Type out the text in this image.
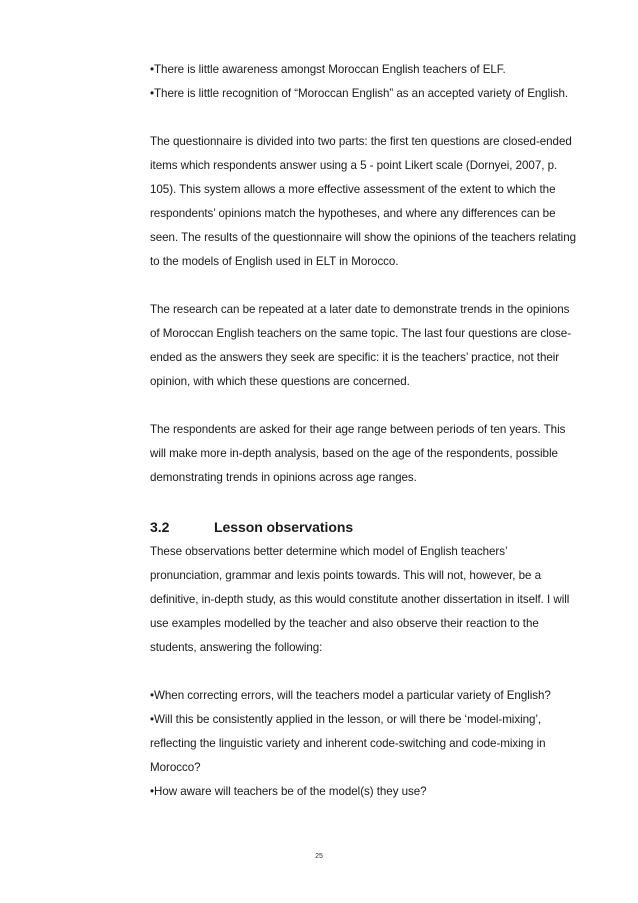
•There is little awareness amongst Moroccan English teachers of ELF.

•There is little recognition of “Moroccan English” as an accepted variety of English.

The questionnaire is divided into two parts: the first ten questions are closed-ended items which respondents answer using a 5 - point Likert scale (Dornyei, 2007, p. 105). This system allows a more effective assessment of the extent to which the respondents’ opinions match the hypotheses, and where any differences can be seen. The results of the questionnaire will show the opinions of the teachers relating to the models of English used in ELT in Morocco.

The research can be repeated at a later date to demonstrate trends in the opinions of Moroccan English teachers on the same topic. The last four questions are close-ended as the answers they seek are specific: it is the teachers’ practice, not their opinion, with which these questions are concerned.

The respondents are asked for their age range between periods of ten years. This will make more in-depth analysis, based on the age of the respondents, possible demonstrating trends in opinions across age ranges.

3.2	Lesson observations

These observations better determine which model of English teachers’ pronunciation, grammar and lexis points towards. This will not, however, be a definitive, in-depth study, as this would constitute another dissertation in itself. I will use examples modelled by the teacher and also observe their reaction to the students, answering the following:

•When correcting errors, will the teachers model a particular variety of English?

•Will this be consistently applied in the lesson, or will there be ‘model-mixing’, reflecting the linguistic variety and inherent code-switching and code-mixing in Morocco?

•How aware will teachers be of the model(s) they use?

25
